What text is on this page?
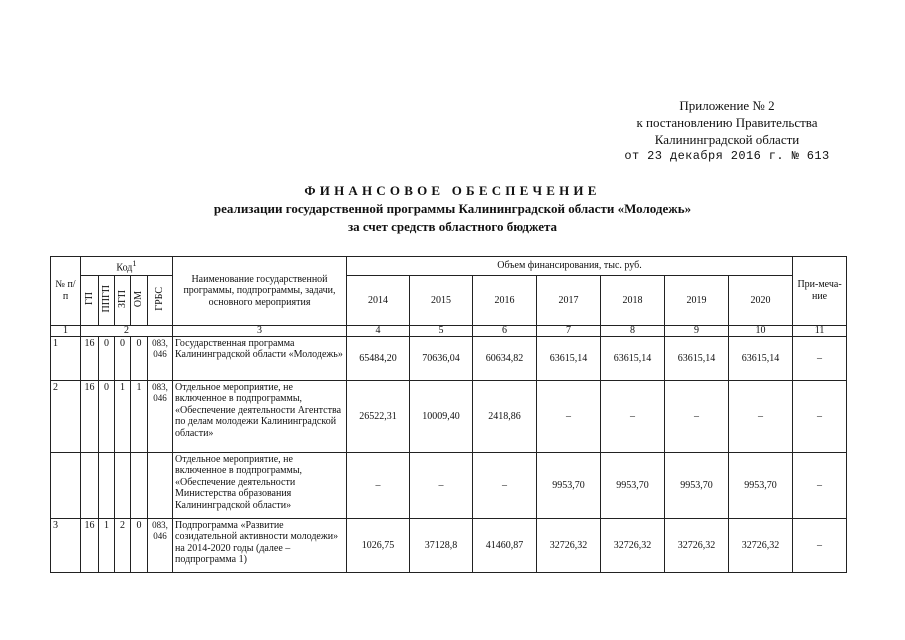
Приложение № 2
к постановлению Правительства
Калининградской области
от 23 декабря 2016 г. № 613
ФИНАНСОВОЕ ОБЕСПЕЧЕНИЕ
реализации государственной программы Калининградской области «Молодежь»
за счет средств областного бюджета
№ п/п	Код$^1$					Наименование государственной программы, подпрограммы, задачи, основного мероприятия	Объем финансирования, тыс. руб.							При-меча-ние
	ГП	ППГП	ЗГП	ОМ	ГРБС		2014	2015	2016	2017	2018	2019	2020	
1	2					3	4	5	6	7	8	9	10	11
1	16	0	0	0	083, 046	Государственная программа Калининградской области «Молодежь»	65484,20	70636,04	60634,82	63615,14	63615,14	63615,14	63615,14	–
2	16	0	1	1	083, 046	Отдельное мероприятие, не включенное в подпрограммы, «Обеспечение деятельности Агентства по делам молодежи Калининградской области»	26522,31	10009,40	2418,86	–	–	–	–	–
						Отдельное мероприятие, не включенное в подпрограммы, «Обеспечение деятельности Министерства образования Калининградской области»	–	–	–	9953,70	9953,70	9953,70	9953,70	–
3	16	1	2	0	083, 046	Подпрограмма «Развитие созидательной активности молодежи» на 2014-2020 годы (далее – подпрограмма 1)	1026,75	37128,8	41460,87	32726,32	32726,32	32726,32	32726,32	–
